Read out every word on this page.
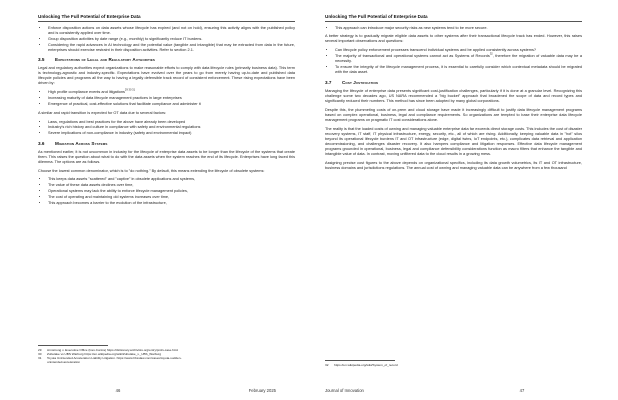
Unlocking The Full Potential of Enterprise Data
• Enforce disposition actions on data assets whose lifecycle has expired (and not on hold), ensuring this activity aligns with the published policy and is consistently applied over time.
• Group disposition activities by date range (e.g., monthly) to significantly reduce IT burdens.
• Considering the rapid advances in AI technology and the potential value (tangible and intangible) that may be extracted from data in the future, enterprises should exercise restraint in their disposition activities. Refer to section 2.1.
3.5 Expectations of Legal and Regulatory Authorities

Legal and regulatory authorities expect organizations to make reasonable efforts to comply with data lifecycle rules (primarily business data). This term is technology-agnostic and industry-specific. Expectations have evolved over the years to go from merely having up-to-date and published data lifecycle policies and programs all the way to having a legally defensible track record of consistent enforcement. These rising expectations have been driven by:

• High profile compliance events and litigations$^{29 30 31}$
• Increasing maturity of data lifecycle management practices in large enterprises
• Emergence of practical, cost-effective solutions that facilitate compliance and administer it

A similar and rapid transition is expected for OT data due to several factors:

• Laws, regulations and best practices for the above have already been developed
• Industry's rich history and culture in compliance with safety and environmental regulations
• Severe implications of non-compliance in industry (safety and environmental impact)
3.6 Migration Across Systems

As mentioned earlier, it is not uncommon in industry for the lifecycle of enterprise data assets to be longer than the lifecycle of the systems that create them. This raises the question about what to do with the data assets when the system reaches the end of its lifecycle. Enterprises have long faced this dilemma. The options are as follows.

Choose the lowest common denominator, which is to "do nothing." By default, this means extending the lifecycle of obsolete systems:

• This keeps data assets "scattered" and "captive" in obsolete applications and systems,
• The value of these data assets declines over time,
• Operational systems may lack the ability to enforce lifecycle management policies,
• The cost of operating and maintaining old systems increases over time,
• This approach becomes a barrier to the evolution of the infrastructure,
29	Armstrong v. Executive Office (Iran-Contra) https://dictionary.archivists.org/entry/profs-case.html
30	Zubulake vs UBS Warburg https://en.wikipedia.org/wiki/Zubulake_v._UBS_Warburg
31	Toyota Unintended Acceleration Liability Litigation. https://www.hbsslaw.com/cases/toyota-sudden-
unintended-acceleration
46	February 2025
Unlocking The Full Potential of Enterprise Data
• This approach can introduce major security risks as new systems tend to be more secure.

A better strategy is to gradually migrate eligible data assets to other systems after their transactional lifecycle track has ended. However, this raises several important observations and questions:

• Can lifecycle policy enforcement processes transcend individual systems and be applied consistently across systems?
• The majority of transactional and operational systems cannot act as Systems of Records$^{32}$, therefore the migration of valuable data may be a necessity.
• To ensure the integrity of the lifecycle management process, it is essential to carefully consider which contextual metadata should be migrated with the data asset.
3.7 Cost Justification

Managing the lifecycle of enterprise data presents significant cost-justification challenges, particularly if it is done at a granular level. Recognizing this challenge some two decades ago, US NARA recommended a "big bucket" approach that broadened the scope of data and record types and significantly reduced their numbers. This method has since been adopted by many global corporations.

Despite this, the plummeting costs of on-prem and cloud storage have made it increasingly difficult to justify data lifecycle management programs based on complex operational, business, legal and compliance requirements. So organizations are tempted to base their enterprise data lifecycle management programs on pragmatic IT cost considerations alone.

The reality is that the loaded costs of owning and managing valuable enterprise data far exceeds direct storage costs. This includes the cost of disaster recovery systems, IT staff, IT physical infrastructure, energy, security, etc., all of which are rising. Additionally, keeping valuable data in "hot" silos beyond its operational lifecycle burdens IT and OT infrastructure (edge, digital twins, IoT endpoints, etc.), complicates data retrieval and application decommissioning, and challenges disaster recovery. It also hampers compliance and litigation responses. Effective data lifecycle management programs grounded in operational, business, legal and compliance defensibility considerations function as macro filters that enhance the tangible and intangible value of data. In contrast, moving unfiltered data to the cloud results in a growing mess.

Assigning precise cost figures to the above depends on organizational specifics, including its data growth volumetrics, its IT and OT infrastructure, business domains and jurisdictions regulations. The annual cost of owning and managing valuable data can be anywhere from a few thousand

32	https://en.wikipedia.org/wiki/System_of_record
Journal of Innovation	47
